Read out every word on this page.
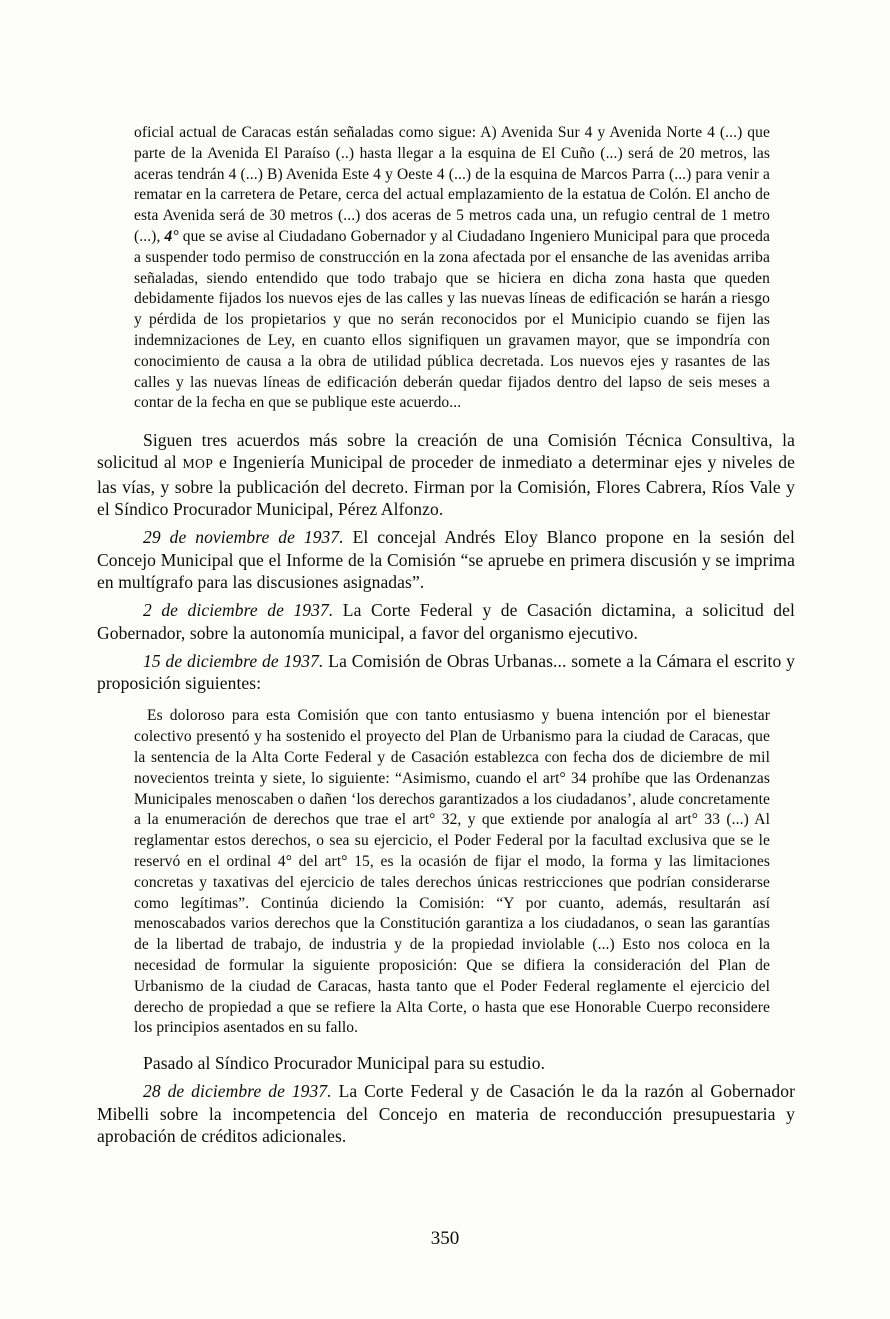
oficial actual de Caracas están señaladas como sigue: A) Avenida Sur 4 y Avenida Norte 4 (...) que parte de la Avenida El Paraíso (..) hasta llegar a la esquina de El Cuño (...) será de 20 metros, las aceras tendrán 4 (...) B) Avenida Este 4 y Oeste 4 (...) de la esquina de Marcos Parra (...) para venir a rematar en la carretera de Petare, cerca del actual emplazamiento de la estatua de Colón. El ancho de esta Avenida será de 30 metros (...) dos aceras de 5 metros cada una, un refugio central de 1 metro (...), 4° que se avise al Ciudadano Gobernador y al Ciudadano Ingeniero Municipal para que proceda a suspender todo permiso de construcción en la zona afectada por el ensanche de las avenidas arriba señaladas, siendo entendido que todo trabajo que se hiciera en dicha zona hasta que queden debidamente fijados los nuevos ejes de las calles y las nuevas líneas de edificación se harán a riesgo y pérdida de los propietarios y que no serán reconocidos por el Municipio cuando se fijen las indemnizaciones de Ley, en cuanto ellos signifiquen un gravamen mayor, que se impondría con conocimiento de causa a la obra de utilidad pública decretada. Los nuevos ejes y rasantes de las calles y las nuevas líneas de edificación deberán quedar fijados dentro del lapso de seis meses a contar de la fecha en que se publique este acuerdo...

Siguen tres acuerdos más sobre la creación de una Comisión Técnica Consultiva, la solicitud al MOP e Ingeniería Municipal de proceder de inmediato a determinar ejes y niveles de las vías, y sobre la publicación del decreto. Firman por la Comisión, Flores Cabrera, Ríos Vale y el Síndico Procurador Municipal, Pérez Alfonzo.

29 de noviembre de 1937. El concejal Andrés Eloy Blanco propone en la sesión del Concejo Municipal que el Informe de la Comisión “se apruebe en primera discusión y se imprima en multígrafo para las discusiones asignadas”.

2 de diciembre de 1937. La Corte Federal y de Casación dictamina, a solicitud del Gobernador, sobre la autonomía municipal, a favor del organismo ejecutivo.

15 de diciembre de 1937. La Comisión de Obras Urbanas... somete a la Cámara el escrito y proposición siguientes:

Es doloroso para esta Comisión que con tanto entusiasmo y buena intención por el bienestar colectivo presentó y ha sostenido el proyecto del Plan de Urbanismo para la ciudad de Caracas, que la sentencia de la Alta Corte Federal y de Casación establezca con fecha dos de diciembre de mil novecientos treinta y siete, lo siguiente: “Asimismo, cuando el art° 34 prohíbe que las Ordenanzas Municipales menoscaben o dañen ‘los derechos garantizados a los ciudadanos’, alude concretamente a la enumeración de derechos que trae el art° 32, y que extiende por analogía al art° 33 (...) Al reglamentar estos derechos, o sea su ejercicio, el Poder Federal por la facultad exclusiva que se le reservó en el ordinal 4° del art° 15, es la ocasión de fijar el modo, la forma y las limitaciones concretas y taxativas del ejercicio de tales derechos únicas restricciones que podrían considerarse como legítimas”. Continúa diciendo la Comisión: “Y por cuanto, además, resultarán así menoscabados varios derechos que la Constitución garantiza a los ciudadanos, o sean las garantías de la libertad de trabajo, de industria y de la propiedad inviolable (...) Esto nos coloca en la necesidad de formular la siguiente proposición: Que se difiera la consideración del Plan de Urbanismo de la ciudad de Caracas, hasta tanto que el Poder Federal reglamente el ejercicio del derecho de propiedad a que se refiere la Alta Corte, o hasta que ese Honorable Cuerpo reconsidere los principios asentados en su fallo.

Pasado al Síndico Procurador Municipal para su estudio.

28 de diciembre de 1937. La Corte Federal y de Casación le da la razón al Gobernador Mibelli sobre la incompetencia del Concejo en materia de reconducción presupuestaria y aprobación de créditos adicionales.

350
